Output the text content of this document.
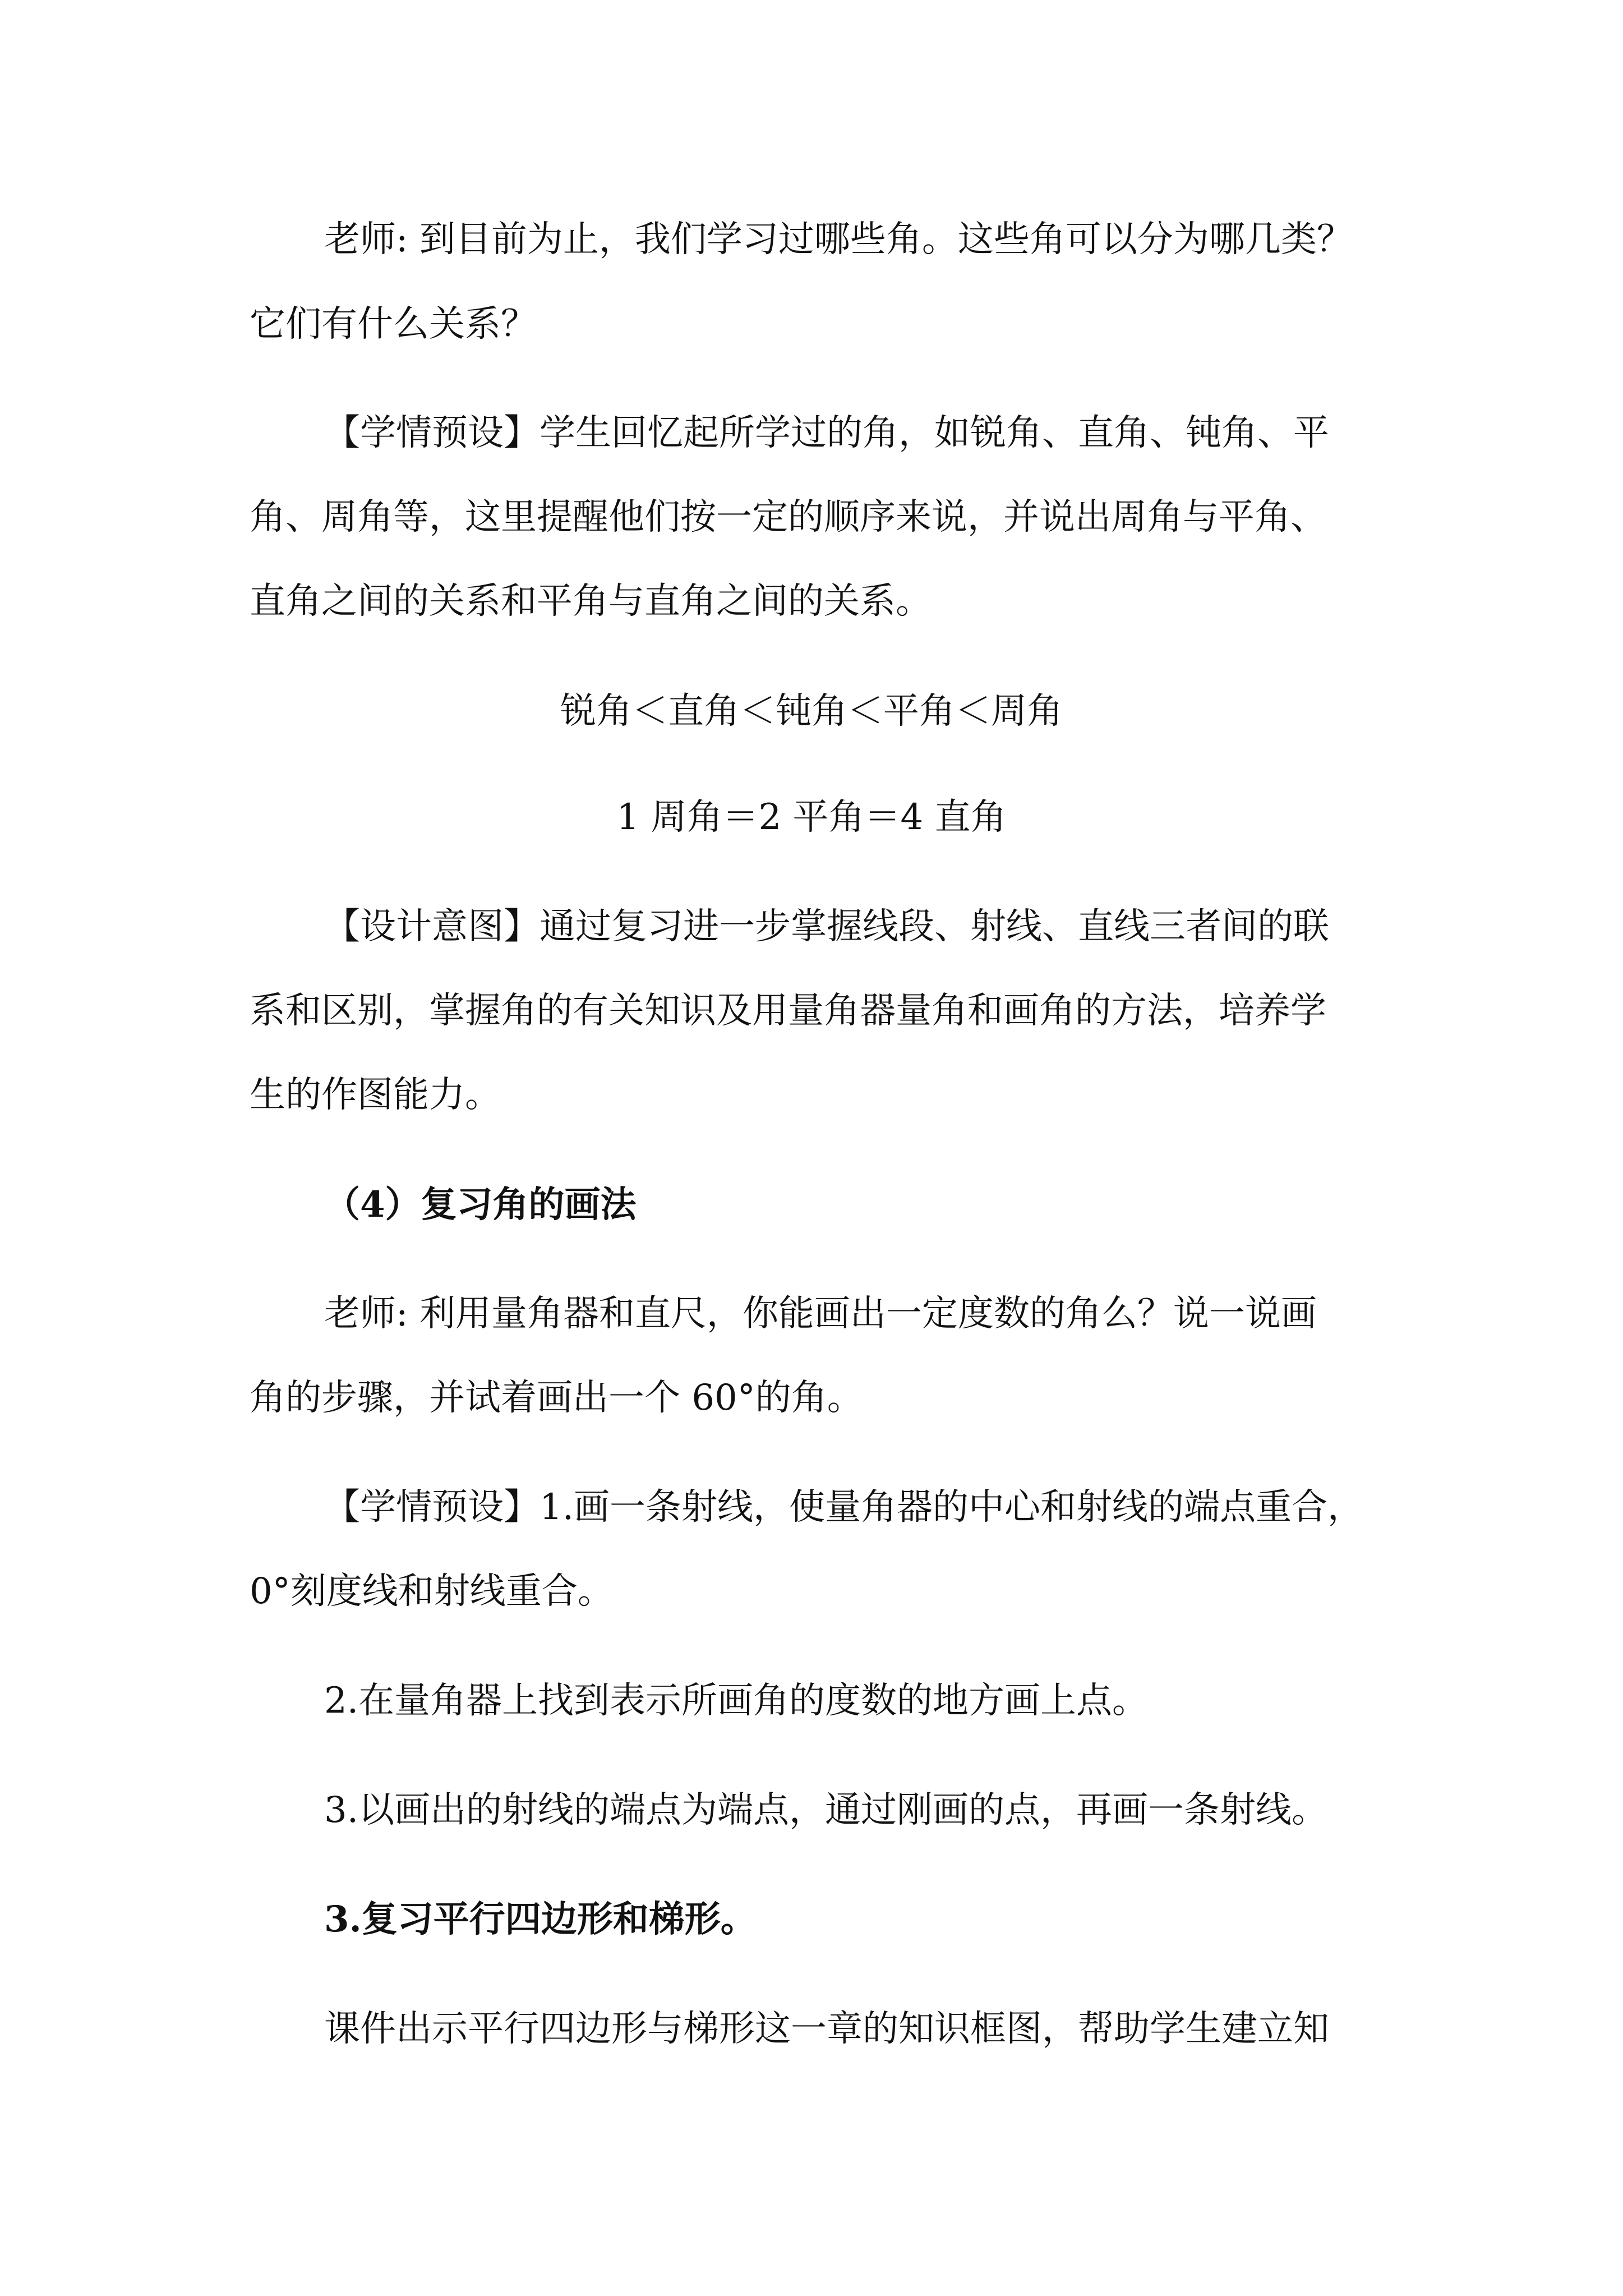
老师: 到目前为止，我们学习过哪些角。这些角可以分为哪几类？
它们有什么关系？
【学情预设】学生回忆起所学过的角，如锐角、直角、钝角、平
角、周角等，这里提醒他们按一定的顺序来说，并说出周角与平角、
直角之间的关系和平角与直角之间的关系。
锐角＜直角＜钝角＜平角＜周角
1 周角＝2 平角＝4 直角
【设计意图】通过复习进一步掌握线段、射线、直线三者间的联
系和区别，掌握角的有关知识及用量角器量角和画角的方法，培养学
生的作图能力。
（4）复习角的画法
老师: 利用量角器和直尺，你能画出一定度数的角么？说一说画
角的步骤，并试着画出一个 60°的角。
【学情预设】1.画一条射线，使量角器的中心和射线的端点重合，
0°刻度线和射线重合。
2.在量角器上找到表示所画角的度数的地方画上点。
3.以画出的射线的端点为端点，通过刚画的点，再画一条射线。
3.复习平行四边形和梯形。
课件出示平行四边形与梯形这一章的知识框图，帮助学生建立知
